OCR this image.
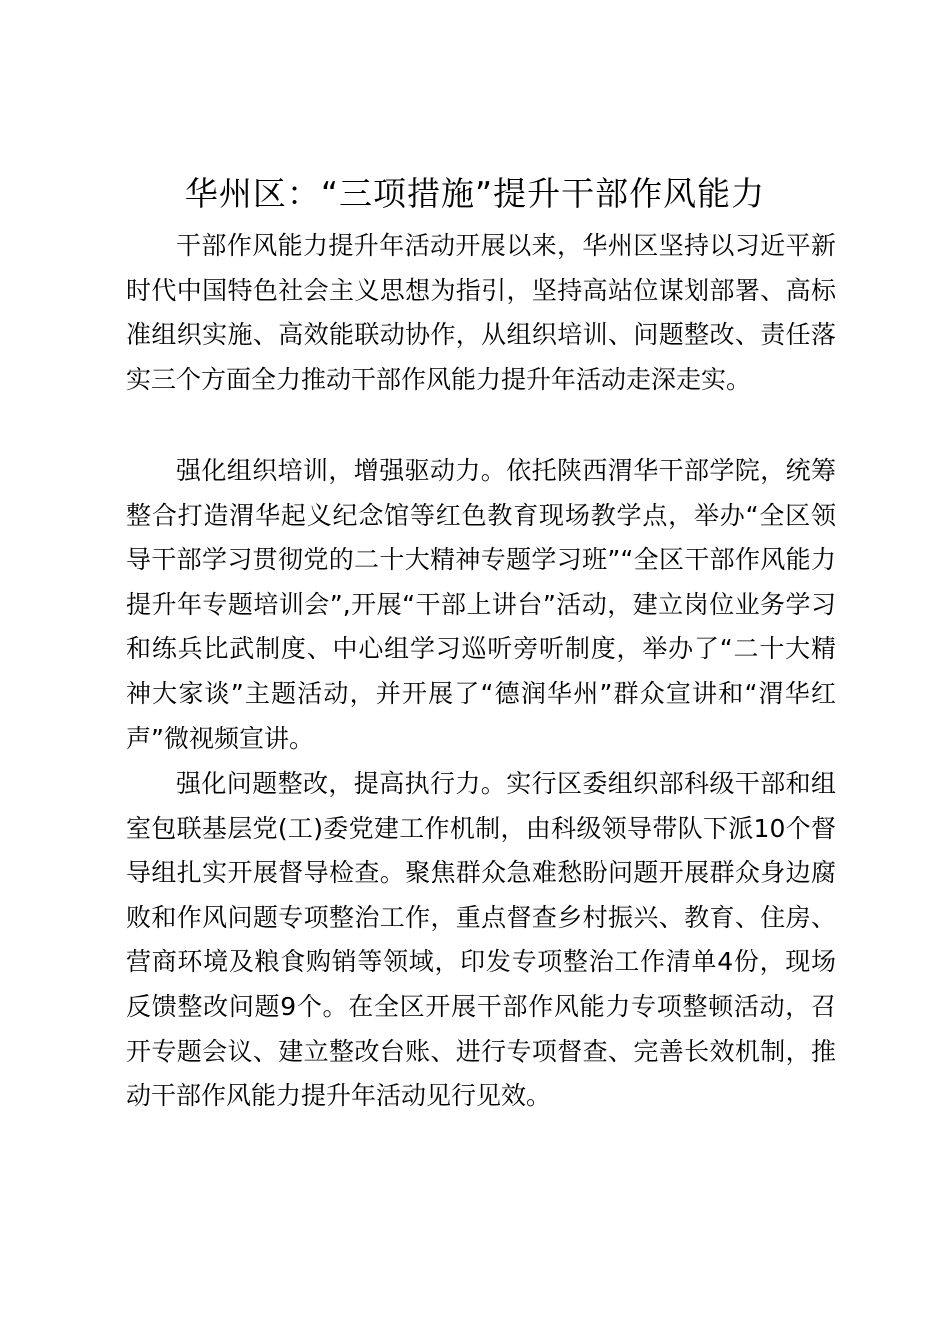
华州区：“三项措施”提升干部作风能力

干部作风能力提升年活动开展以来，华州区坚持以习近平新时代中国特色社会主义思想为指引，坚持高站位谋划部署、高标准组织实施、高效能联动协作，从组织培训、问题整改、责任落实三个方面全力推动干部作风能力提升年活动走深走实。

强化组织培训，增强驱动力。依托陕西渭华干部学院，统筹整合打造渭华起义纪念馆等红色教育现场教学点，举办“全区领导干部学习贯彻党的二十大精神专题学习班”“全区干部作风能力提升年专题培训会”,开展“干部上讲台”活动，建立岗位业务学习和练兵比武制度、中心组学习巡听旁听制度，举办了“二十大精神大家谈”主题活动，并开展了“德润华州”群众宣讲和“渭华红声”微视频宣讲。

强化问题整改，提高执行力。实行区委组织部科级干部和组室包联基层党(工)委党建工作机制，由科级领导带队下派10个督导组扎实开展督导检查。聚焦群众急难愁盼问题开展群众身边腐败和作风问题专项整治工作，重点督查乡村振兴、教育、住房、营商环境及粮食购销等领域，印发专项整治工作清单4份，现场反馈整改问题9个。在全区开展干部作风能力专项整顿活动，召开专题会议、建立整改台账、进行专项督查、完善长效机制，推动干部作风能力提升年活动见行见效。
